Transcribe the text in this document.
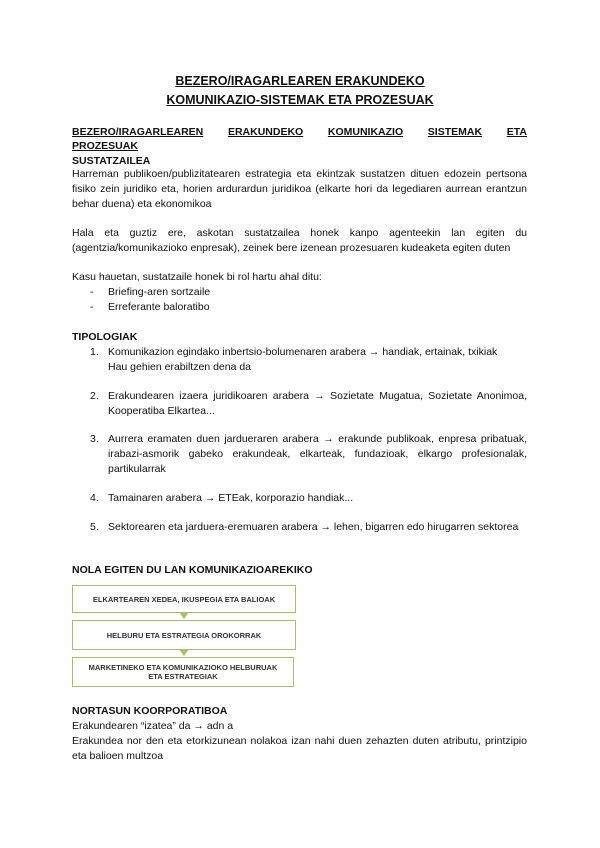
BEZERO/IRAGARLEAREN ERAKUNDEKO
KOMUNIKAZIO-SISTEMAK ETA PROZESUAK
BEZERO/IRAGARLEAREN ERAKUNDEKO KOMUNIKAZIO SISTEMAK ETA
PROZESUAK
SUSTATZAILEA
Harreman publikoen/publizitatearen estrategia eta ekintzak sustatzen dituen edozein pertsona fisiko zein juridiko eta, horien ardurardun juridikoa (elkarte hori da legediaren aurrean erantzun behar duena) eta ekonomikoa
Hala eta guztiz ere, askotan sustatzailea honek kanpo agenteekin lan egiten du (agentzia/komunikazioko enpresak), zeinek bere izenean prozesuaren kudeaketa egiten duten
Kasu hauetan, sustatzaile honek bi rol hartu ahal ditu:
- Briefing-aren sortzaile
- Erreferante baloratibo
TIPOLOGIAK
1. Komunikazion egindako inbertsio-bolumenaren arabera → handiak, ertainak, txikiak
Hau gehien erabiltzen dena da
2. Erakundearen izaera juridikoaren arabera → Sozietate Mugatua, Sozietate Anonimoa, Kooperatiba Elkartea...
3. Aurrera eramaten duen jardueraren arabera → erakunde publikoak, enpresa pribatuak, irabazi-asmorik gabeko erakundeak, elkarteak, fundazioak, elkargo profesionalak, partikularrak
4. Tamainaren arabera → ETEak, korporazio handiak...
5. Sektorearen eta jarduera-eremuaren arabera → lehen, bigarren edo hirugarren sektorea
NOLA EGITEN DU LAN KOMUNIKAZIOAREKIKO
ELKARTEAREN XEDEA, IKUSPEGIA ETA BALIOAK
HELBURU ETA ESTRATEGIA OROKORRAK
MARKETINEKO ETA KOMUNIKAZIOKO HELBURUAK ETA ESTRATEGIAK
NORTASUN KOORPORATIBOA
Erakundearen “izatea” da → adn a
Erakundea nor den eta etorkizunean nolakoa izan nahi duen zehazten duten atributu, printzipio eta balioen multzoa
